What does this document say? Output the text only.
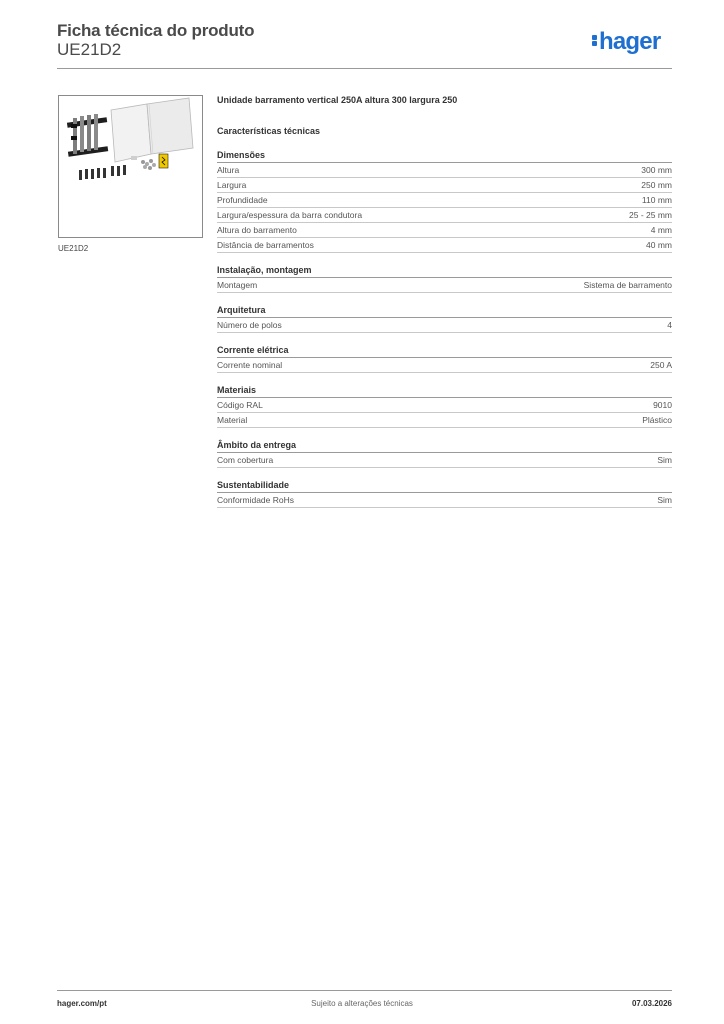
Ficha técnica do produto
UE21D2	hager
UE21D2
Unidade barramento vertical 250A altura 300 largura 250
Características técnicas
Dimensões
Altura	300 mm
Largura	250 mm
Profundidade	110 mm
Largura/espessura da barra condutora	25 - 25 mm
Altura do barramento	4 mm
Distância de barramentos	40 mm
Instalação, montagem
Montagem	Sistema de barramento
Arquitetura
Número de polos	4
Corrente elétrica
Corrente nominal	250 A
Materiais
Código RAL	9010
Material	Plástico
Âmbito da entrega
Com cobertura	Sim
Sustentabilidade
Conformidade RoHs	Sim
hager.com/pt	Sujeito a alterações técnicas	07.03.2026
